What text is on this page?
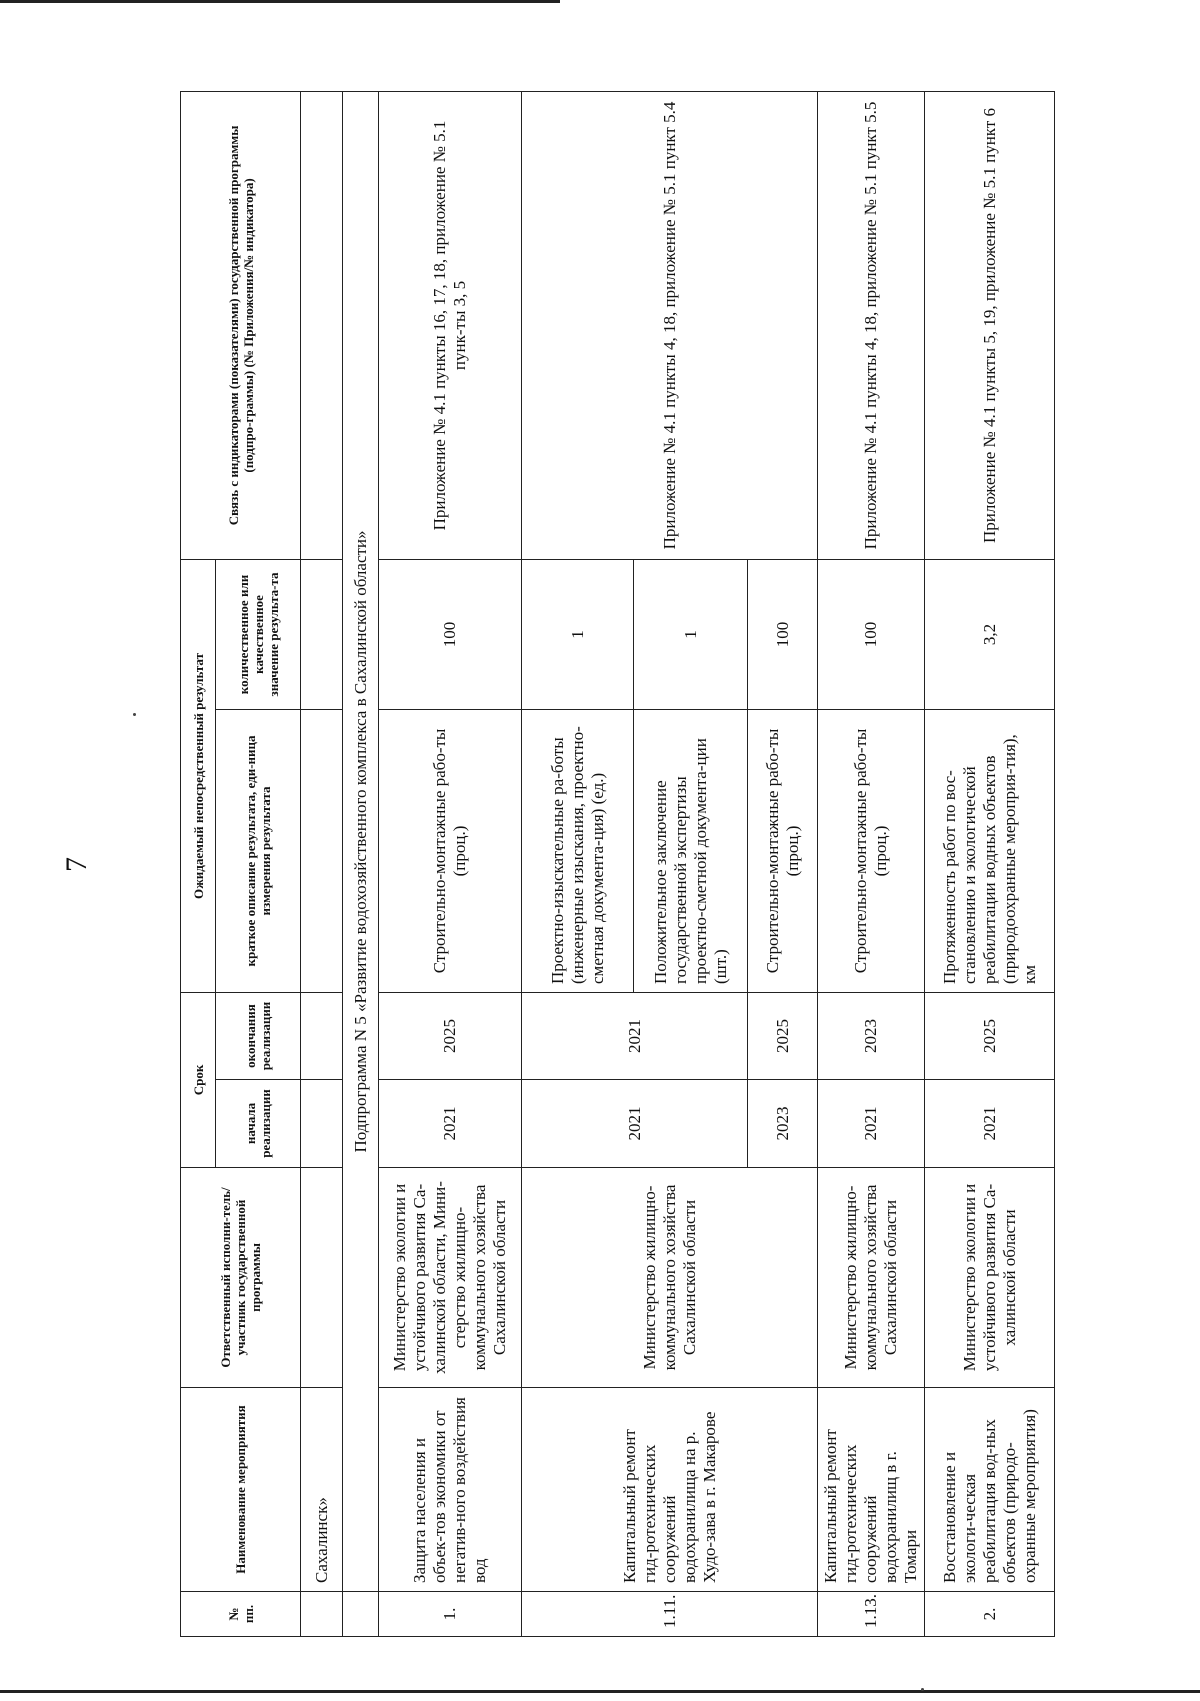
7
№ пп.	Наименование мероприятия	Ответственный исполни-тель/участник государственной программы	Срок		Ожидаемый непосредственный результат		Связь с индикаторами (показателями) государственной программы (подпро-граммы) (№ Приложения/№ индикатора)
			начала реализации	окончания реализации	краткое описание результата, еди-ница измерения результата	количественное или качественное значение результа-та	
	Сахалинск»						
	Подпрограмма N 5 «Развитие водохозяйственного комплекса в Сахалинской области»						
1.	Защита населения и объек-тов экономики от негатив-ного воздействия вод	Министерство экологии и устойчивого развития Са-халинской области, Мини-стерство жилищно-коммунального хозяйства Сахалинской области	2021	2025	Строительно-монтажные рабо-ты (проц.)	100	Приложение № 4.1 пункты 16, 17, 18, приложение № 5.1 пунк-ты 3, 5
1.11.	Капитальный ремонт гид-ротехнических сооружений водохранилища на р. Худо-зава в г. Макарове	Министерство жилищно-коммунального хозяйства Сахалинской области	2021	2021	Проектно-изыскательные ра-боты (инженерные изыскания, проектно-сметная документа-ция) (ед.)	1	Приложение № 4.1 пункты 4, 18, приложение № 5.1 пункт 5.4
					Положительное заключение государственной экспертизы проектно-сметной документа-ции (шт.)	1	
			2023	2025	Строительно-монтажные рабо-ты (проц.)	100	
1.13.	Капитальный ремонт гид-ротехнических сооружений водохранилищ в г. Томари	Министерство жилищно-коммунального хозяйства Сахалинской области	2021	2023	Строительно-монтажные рабо-ты (проц.)	100	Приложение № 4.1 пункты 4, 18, приложение № 5.1 пункт 5.5
2.	Восстановление и экологи-ческая реабилитация вод-ных объектов (природо-охранные мероприятия)	Министерство экологии и устойчивого развития Са-халинской области	2021	2025	Протяженность работ по вос-становлению и экологической реабилитации водных объектов (природоохранные мероприя-тия), км	3,2	Приложение № 4.1 пункты 5, 19, приложение № 5.1 пункт 6
